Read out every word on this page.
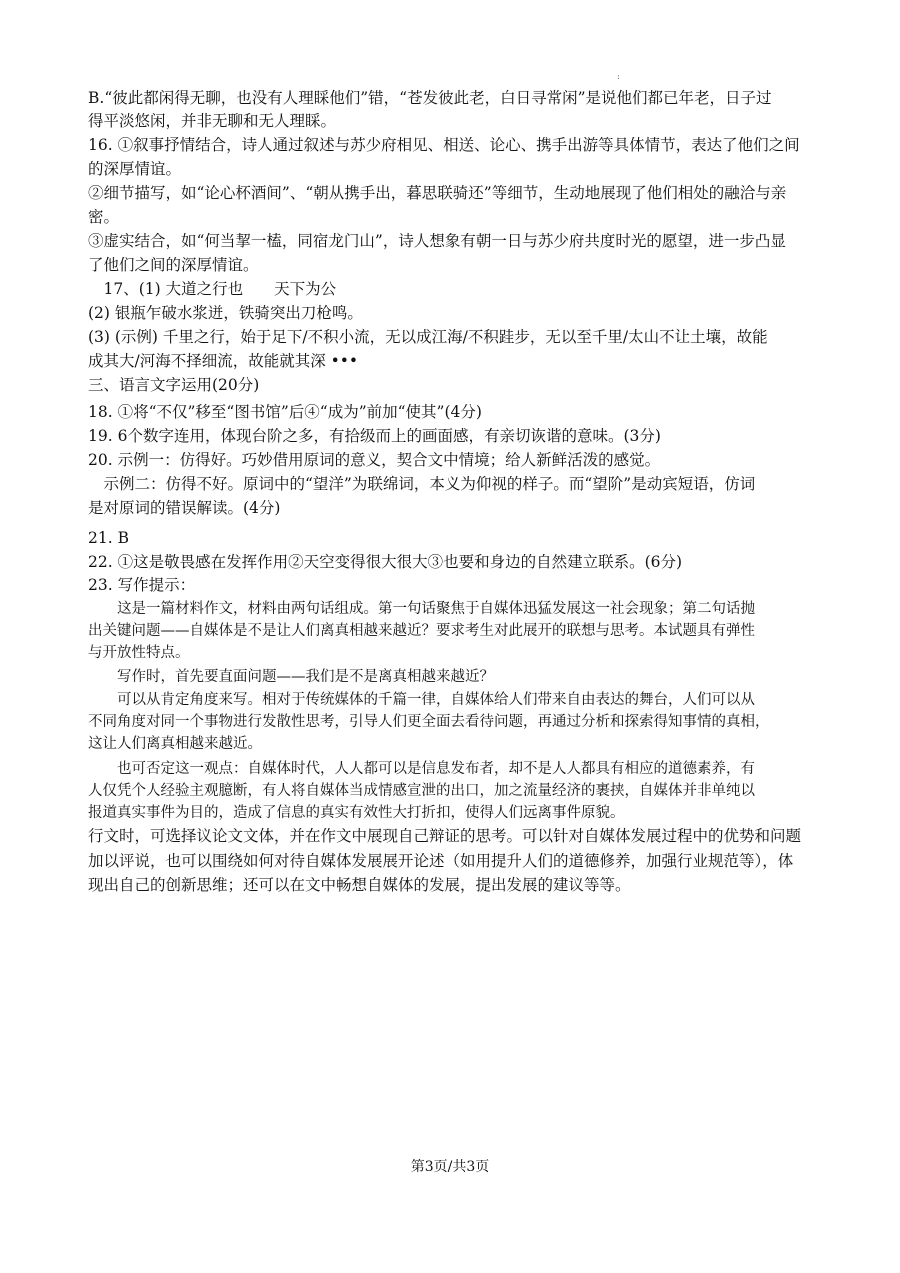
:
B.“彼此都闲得无聊，也没有人理睬他们”错，“苍发彼此老，白日寻常闲”是说他们都已年老，日子过
得平淡悠闲，并非无聊和无人理睬。
16. ①叙事抒情结合，诗人通过叙述与苏少府相见、相送、论心、携手出游等具体情节，表达了他们之间
的深厚情谊。
②细节描写，如“论心杯酒间”、“朝从携手出，暮思联骑还”等细节，生动地展现了他们相处的融洽与亲
密。
③虚实结合，如“何当挈一榼，同宿龙门山”，诗人想象有朝一日与苏少府共度时光的愿望，进一步凸显
了他们之间的深厚情谊。
　17、(1) 大道之行也　　天下为公
(2) 银瓶乍破水浆迸，铁骑突出刀枪鸣。
(3) (示例) 千里之行，始于足下/不积小流，无以成江海/不积跬步，无以至千里/太山不让土壤，故能
成其大/河海不择细流，故能就其深 •••
三、语言文字运用(20分)
18. ①将“不仅”移至“图书馆”后④“成为”前加“使其”(4分)
19. 6个数字连用，体现台阶之多，有拾级而上的画面感，有亲切诙谐的意味。(3分)
20. 示例一：仿得好。巧妙借用原词的意义，契合文中情境；给人新鲜活泼的感觉。
　示例二：仿得不好。原词中的“望洋”为联绵词，本义为仰视的样子。而“望阶”是动宾短语，仿词
是对原词的错误解读。(4分)
21. B
22. ①这是敬畏感在发挥作用②天空变得很大很大③也要和身边的自然建立联系。(6分)
23. 写作提示：
　　这是一篇材料作文，材料由两句话组成。第一句话聚焦于自媒体迅猛发展这一社会现象；第二句话抛
出关键问题——自媒体是不是让人们离真相越来越近？要求考生对此展开的联想与思考。本试题具有弹性
与开放性特点。
　　写作时，首先要直面问题——我们是不是离真相越来越近？
　　可以从肯定角度来写。相对于传统媒体的千篇一律，自媒体给人们带来自由表达的舞台，人们可以从
不同角度对同一个事物进行发散性思考，引导人们更全面去看待问题，再通过分析和探索得知事情的真相，
这让人们离真相越来越近。
　　也可否定这一观点：自媒体时代，人人都可以是信息发布者，却不是人人都具有相应的道德素养，有
人仅凭个人经验主观臆断，有人将自媒体当成情感宣泄的出口，加之流量经济的裹挟，自媒体并非单纯以
报道真实事件为目的，造成了信息的真实有效性大打折扣，使得人们远离事件原貌。
行文时，可选择议论文文体，并在作文中展现自己辩证的思考。可以针对自媒体发展过程中的优势和问题
加以评说，也可以围绕如何对待自媒体发展展开论述（如用提升人们的道德修养，加强行业规范等），体
现出自己的创新思维；还可以在文中畅想自媒体的发展，提出发展的建议等等。
第3页/共3页
